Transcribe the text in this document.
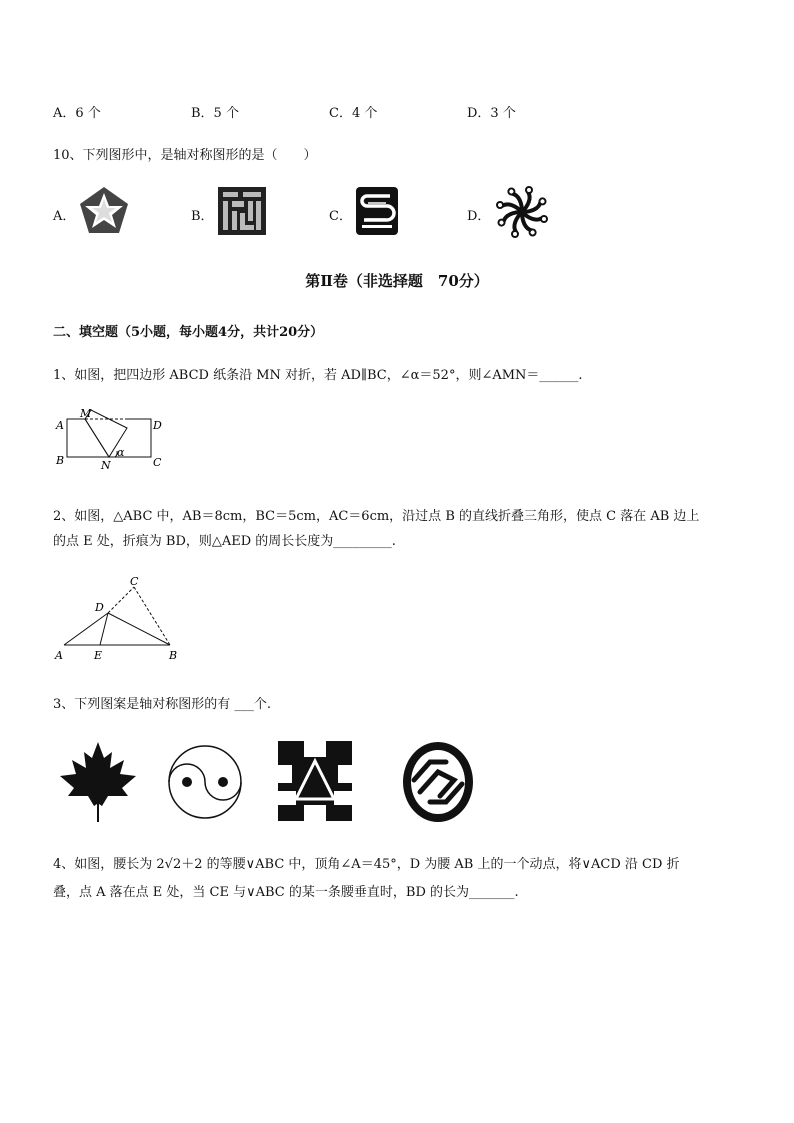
A．6 个	B．5 个	C．4 个	D．3 个
10、下列图形中，是轴对称图形的是（　　）
A．	B．	C．	D．
第Ⅱ卷（非选择题　70分）
二、填空题（5小题，每小题4分，共计20分）
1、如图，把四边形 ABCD 纸条沿 MN 对折，若 AD∥BC，∠α＝52°，则∠AMN＝______.
A
M
D
B	N
α
C
2、如图，△ABC 中，AB＝8cm，BC＝5cm，AC＝6cm，沿过点 B 的直线折叠三角形，使点 C 落在 AB 边上
的点 E 处，折痕为 BD，则△AED 的周长长度为_________.
C
D
A	E	B
3、下列图案是轴对称图形的有 ___个.
4、如图，腰长为 2√2＋2 的等腰∨ABC 中，顶角∠A＝45°，D 为腰 AB 上的一个动点，将∨ACD 沿 CD 折
叠，点 A 落在点 E 处，当 CE 与∨ABC 的某一条腰垂直时，BD 的长为_______.
